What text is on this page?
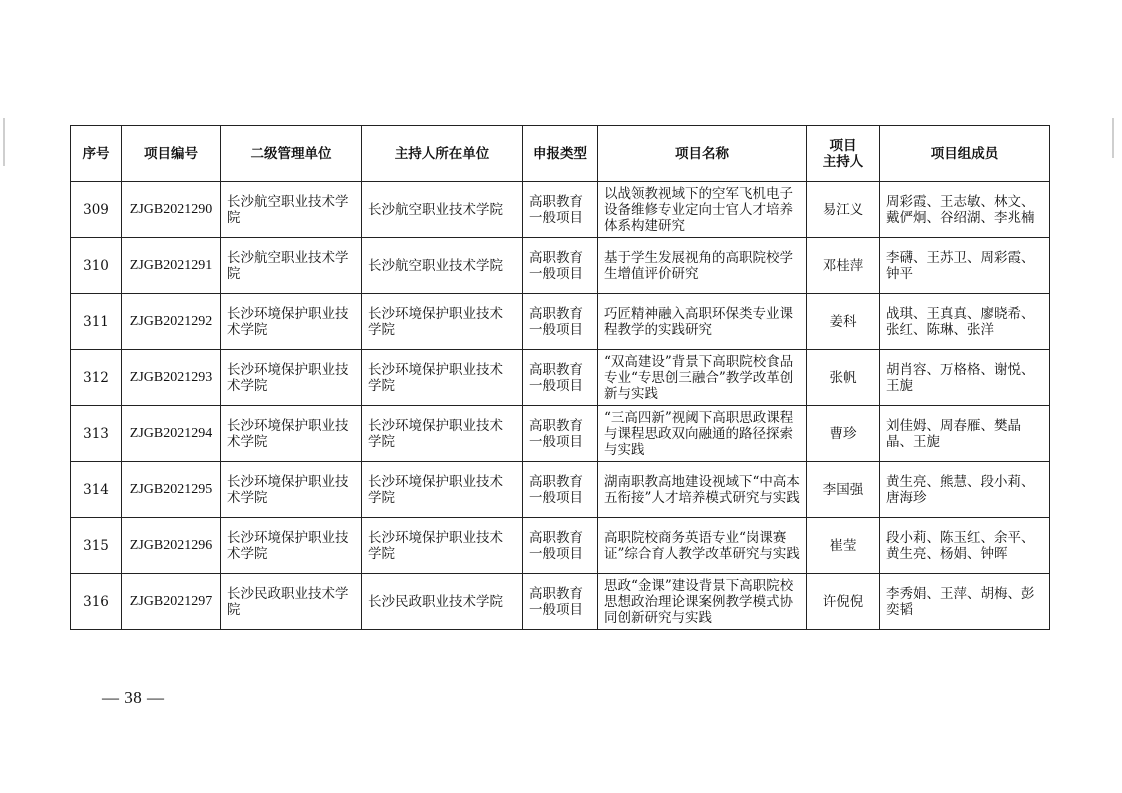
序号	项目编号	二级管理单位	主持人所在单位	申报类型	项目名称	项目
主持人	项目组成员

309	ZJGB2021290	长沙航空职业技术学院	长沙航空职业技术学院	高职教育一般项目	以战领教视域下的空军飞机电子设备维修专业定向士官人才培养体系构建研究	易江义	周彩霞、王志敏、林文、戴俨炯、谷绍湖、李兆楠

310	ZJGB2021291	长沙航空职业技术学院	长沙航空职业技术学院	高职教育一般项目	基于学生发展视角的高职院校学生增值评价研究	邓桂萍	李礴、王苏卫、周彩霞、钟平

311	ZJGB2021292	长沙环境保护职业技术学院	长沙环境保护职业技术学院	高职教育一般项目	巧匠精神融入高职环保类专业课程教学的实践研究	姜科	战琪、王真真、廖晓希、张红、陈琳、张洋

312	ZJGB2021293	长沙环境保护职业技术学院	长沙环境保护职业技术学院	高职教育一般项目	“双高建设”背景下高职院校食品专业“专思创三融合”教学改革创新与实践	张帆	胡肖容、万格格、谢悦、王旎

313	ZJGB2021294	长沙环境保护职业技术学院	长沙环境保护职业技术学院	高职教育一般项目	“三高四新”视阈下高职思政课程与课程思政双向融通的路径探索与实践	曹珍	刘佳姆、周春雁、樊晶晶、王旎

314	ZJGB2021295	长沙环境保护职业技术学院	长沙环境保护职业技术学院	高职教育一般项目	湖南职教高地建设视域下“中高本五衔接”人才培养模式研究与实践	李国强	黄生亮、熊慧、段小莉、唐海珍

315	ZJGB2021296	长沙环境保护职业技术学院	长沙环境保护职业技术学院	高职教育一般项目	高职院校商务英语专业“岗课赛证”综合育人教学改革研究与实践	崔莹	段小莉、陈玉红、余平、黄生亮、杨娟、钟晖

316	ZJGB2021297	长沙民政职业技术学院	长沙民政职业技术学院	高职教育一般项目	思政“金课”建设背景下高职院校思想政治理论课案例教学模式协同创新研究与实践	许倪倪	李秀娟、王萍、胡梅、彭奕韬
— 38 —
